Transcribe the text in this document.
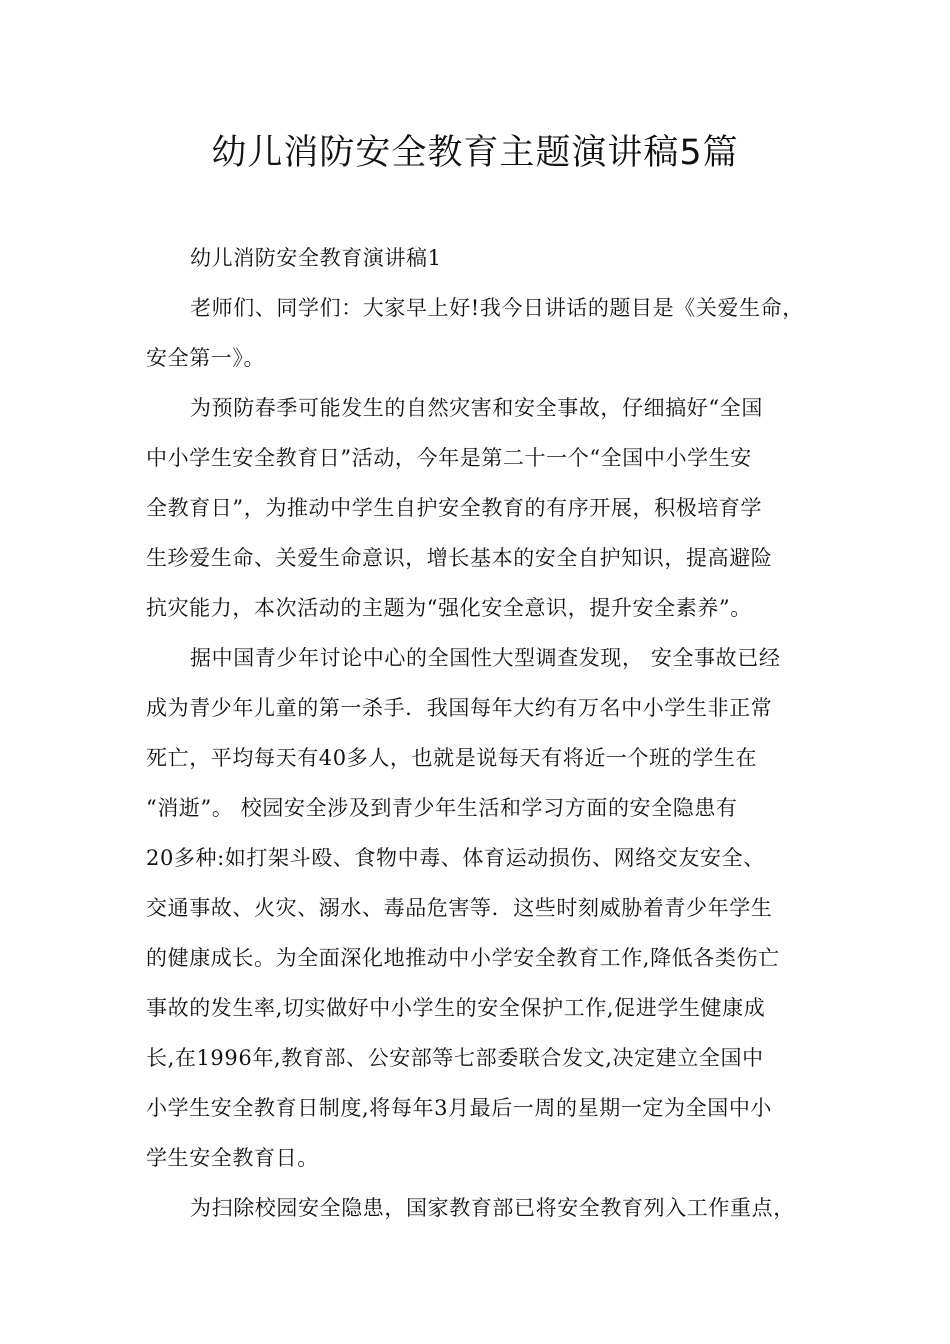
幼儿消防安全教育主题演讲稿5篇
幼儿消防安全教育演讲稿1
老师们、同学们：大家早上好!我今日讲话的题目是《关爱生命，
安全第一》。
为预防春季可能发生的自然灾害和安全事故，仔细搞好“全国
中小学生安全教育日”活动，今年是第二十一个“全国中小学生安
全教育日”，为推动中学生自护安全教育的有序开展，积极培育学
生珍爱生命、关爱生命意识，增长基本的安全自护知识，提高避险
抗灾能力，本次活动的主题为“强化安全意识，提升安全素养”。
据中国青少年讨论中心的全国性大型调查发现， 安全事故已经
成为青少年儿童的第一杀手．我国每年大约有万名中小学生非正常
死亡，平均每天有40多人，也就是说每天有将近一个班的学生在
“消逝”。 校园安全涉及到青少年生活和学习方面的安全隐患有
20多种:如打架斗殴、食物中毒、体育运动损伤、网络交友安全、
交通事故、火灾、溺水、毒品危害等．这些时刻威胁着青少年学生
的健康成长。为全面深化地推动中小学安全教育工作,降低各类伤亡
事故的发生率,切实做好中小学生的安全保护工作,促进学生健康成
长,在1996年,教育部、公安部等七部委联合发文,决定建立全国中
小学生安全教育日制度,将每年3月最后一周的星期一定为全国中小
学生安全教育日。
为扫除校园安全隐患，国家教育部已将安全教育列入工作重点，
